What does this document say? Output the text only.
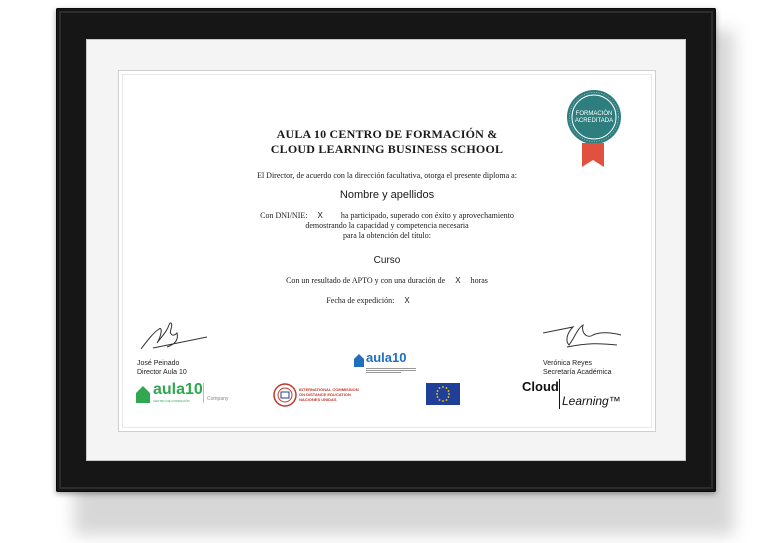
FORMACIÓN
ACREDITADA
AULA 10 CENTRO DE FORMACIÓN &
CLOUD LEARNING BUSINESS SCHOOL
El Director, de acuerdo con la dirección facultativa, otorga el presente diploma a:
Nombre y apellidos
Con DNI/NIE: X ha participado, superado con éxito y aprovechamiento
demostrando la capacidad y competencia necesaria
para la obtención del título:
Curso
Con un resultado de APTO y con una duración de X horas
Fecha de expedición: X
José Peinado
Director Aula 10
Verónica Reyes
Secretaría Académica
aula10
aula10
CENTRO DE FORMACIÓN	Company
INTERNATIONAL COMMISSION
ON DISTANCE EDUCATION
NACIONES UNIDAS
Cloud
Learning™
